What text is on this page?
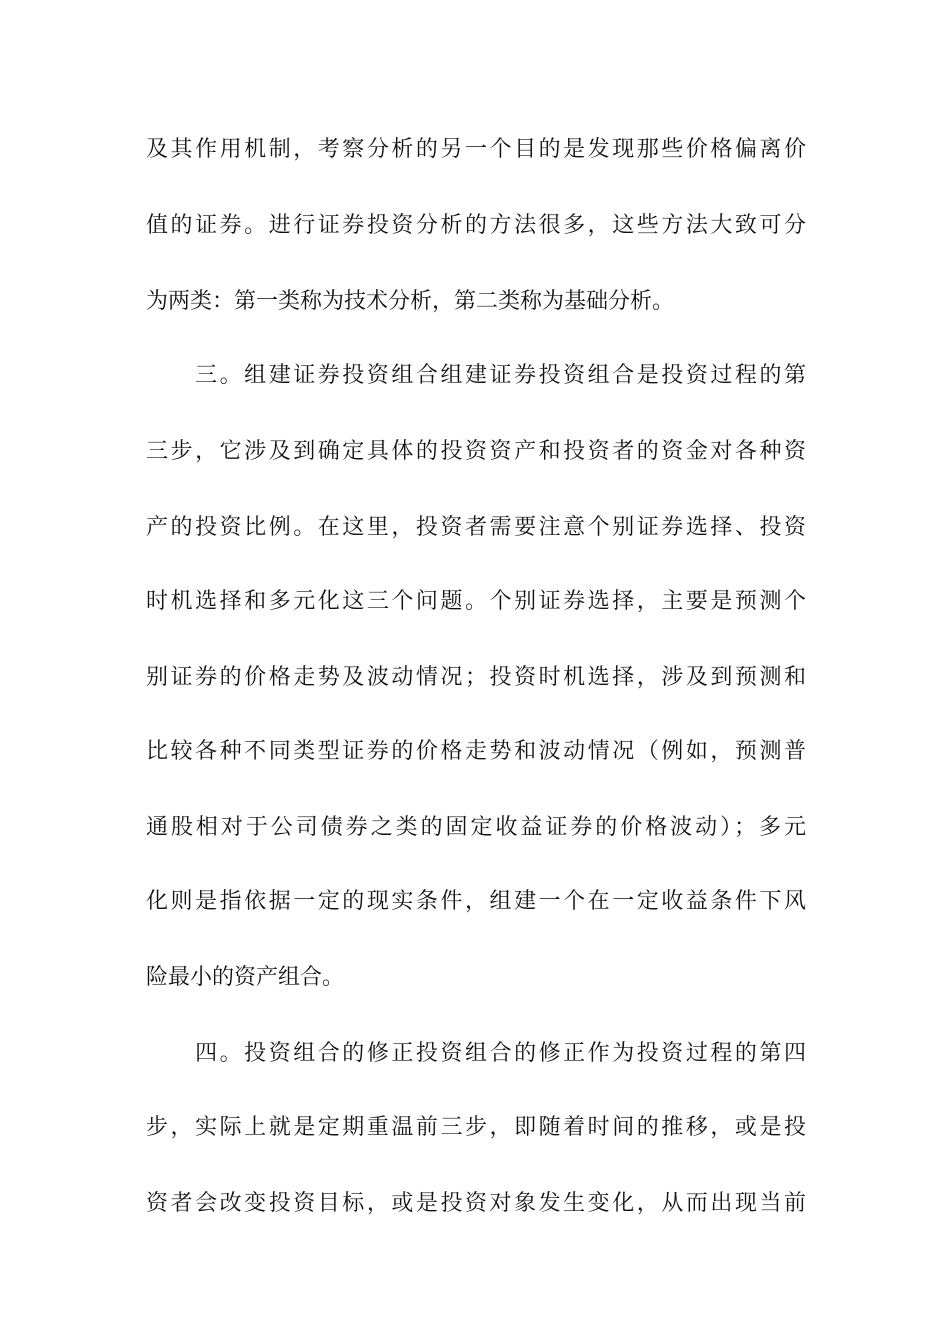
及其作用机制，考察分析的另一个目的是发现那些价格偏离价
值的证券。进行证券投资分析的方法很多，这些方法大致可分
为两类：第一类称为技术分析，第二类称为基础分析。
　　三。组建证券投资组合组建证券投资组合是投资过程的第
三步，它涉及到确定具体的投资资产和投资者的资金对各种资
产的投资比例。在这里，投资者需要注意个别证券选择、投资
时机选择和多元化这三个问题。个别证券选择，主要是预测个
别证券的价格走势及波动情况；投资时机选择，涉及到预测和
比较各种不同类型证券的价格走势和波动情况（例如，预测普
通股相对于公司债券之类的固定收益证券的价格波动）；多元
化则是指依据一定的现实条件，组建一个在一定收益条件下风
险最小的资产组合。
　　四。投资组合的修正投资组合的修正作为投资过程的第四
步，实际上就是定期重温前三步，即随着时间的推移，或是投
资者会改变投资目标，或是投资对象发生变化，从而出现当前
